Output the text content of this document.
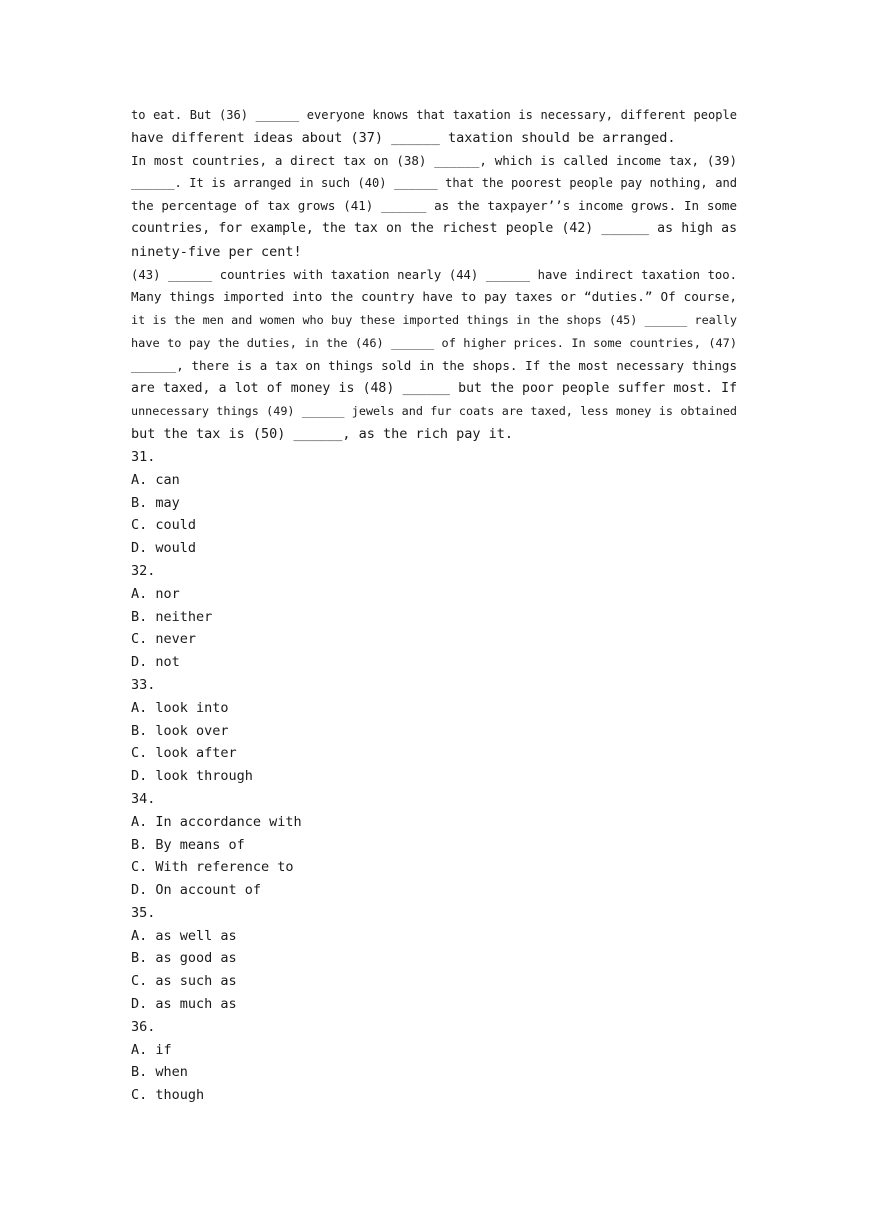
to eat. But (36) ______ everyone knows that taxation is necessary, different people
have different ideas about (37) ______ taxation should be arranged.
In most countries, a direct tax on (38) ______, which is called income tax, (39)
______. It is arranged in such (40) ______ that the poorest people pay nothing, and
the percentage of tax grows (41) ______ as the taxpayer’’s income grows. In some
countries, for example, the tax on the richest people (42) ______ as high as
ninety-five per cent!
(43) ______ countries with taxation nearly (44) ______ have indirect taxation too.
Many things imported into the country have to pay taxes or “duties.” Of course,
it is the men and women who buy these imported things in the shops (45) ______ really
have to pay the duties, in the (46) ______ of higher prices. In some countries, (47)
______, there is a tax on things sold in the shops. If the most necessary things
are taxed, a lot of money is (48) ______ but the poor people suffer most. If
unnecessary things (49) ______ jewels and fur coats are taxed, less money is obtained
but the tax is (50) ______, as the rich pay it.
31.
A. can
B. may
C. could
D. would
32.
A. nor
B. neither
C. never
D. not
33.
A. look into
B. look over
C. look after
D. look through
34.
A. In accordance with
B. By means of
C. With reference to
D. On account of
35.
A. as well as
B. as good as
C. as such as
D. as much as
36.
A. if
B. when
C. though
